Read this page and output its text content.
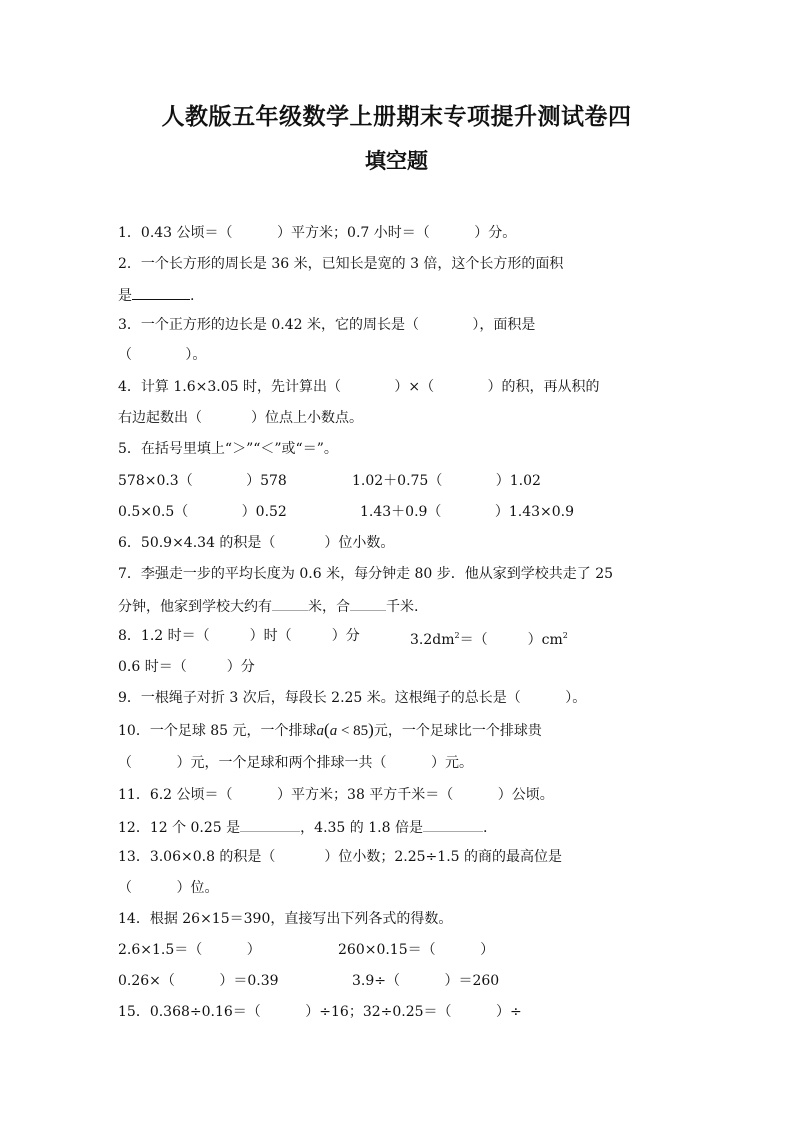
人教版五年级数学上册期末专项提升测试卷四
填空题
1．0.43 公顷＝（          ）平方米；0.7 小时＝（          ）分。
2．一个长方形的周长是 36 米，已知长是宽的 3 倍，这个长方形的面积
是	.
3．一个正方形的边长是 0.42 米，它的周长是（            ），面积是
（            ）。
4．计算 1.6×3.05 时，先计算出（            ）×（            ）的积，再从积的
右边起数出（           ）位点上小数点。
5．在括号里填上“＞”“＜”或“＝”。
578×0.3（            ）578	1.02＋0.75（            ）1.02
0.5×0.5（            ）0.52	1.43＋0.9（            ）1.43×0.9
6．50.9×4.34 的积是（           ）位小数。
7．李强走一步的平均长度为 0.6 米，每分钟走 80 步．他从家到学校共走了 25
分钟，他家到学校大约有	米，合	千米.
8．1.2 时＝（         ）时（         ）分	$3.2dm^2=$（         ）$cm^2$
0.6 时＝（         ）分
9．一根绳子对折 3 次后，每段长 2.25 米。这根绳子的总长是（          ）。
10．一个足球 85 元，一个排球a(a < 85)元，一个足球比一个排球贵
（          ）元，一个足球和两个排球一共（          ）元。
11．6.2 公顷＝（          ）平方米；38 平方千米＝（          ）公顷。
12．12 个 0.25 是	，4.35 的 1.8 倍是	.
13．3.06×0.8 的积是（           ）位小数；2.25÷1.5 的商的最高位是
（          ）位。
14．根据 26×15＝390，直接写出下列各式的得数。
2.6×1.5＝（          ）	260×0.15＝（          ）
0.26×（          ）＝0.39	3.9÷（          ）＝260
15．0.368÷0.16＝（          ）÷16；32÷0.25＝（          ）÷
